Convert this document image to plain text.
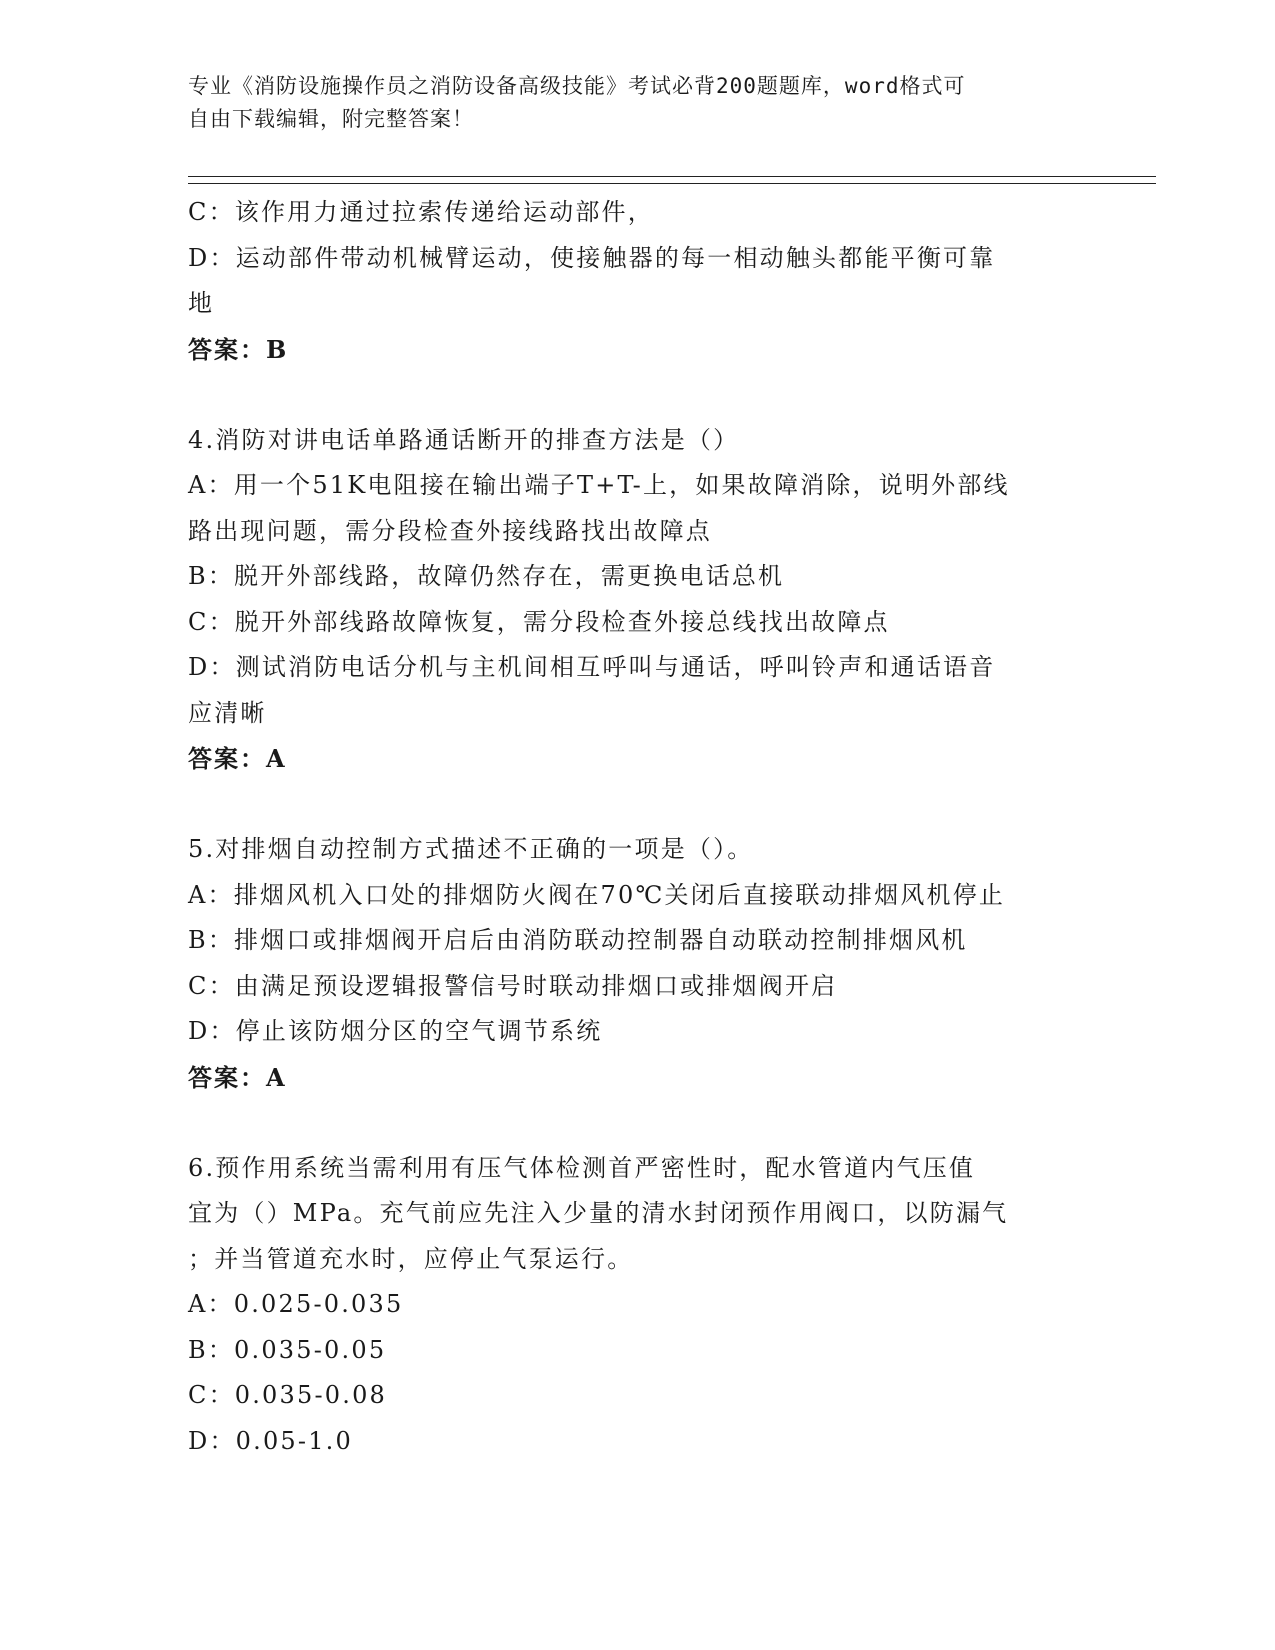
专业《消防设施操作员之消防设备高级技能》考试必背200题题库，word格式可
自由下载编辑，附完整答案！
C：该作用力通过拉索传递给运动部件，
D：运动部件带动机械臂运动，使接触器的每一相动触头都能平衡可靠
地
答案：B
4.消防对讲电话单路通话断开的排查方法是（）
A：用一个51K电阻接在输出端子T+T-上，如果故障消除，说明外部线
路出现问题，需分段检查外接线路找出故障点
B：脱开外部线路，故障仍然存在，需更换电话总机
C：脱开外部线路故障恢复，需分段检查外接总线找出故障点
D：测试消防电话分机与主机间相互呼叫与通话，呼叫铃声和通话语音
应清晰
答案：A
5.对排烟自动控制方式描述不正确的一项是（）。
A：排烟风机入口处的排烟防火阀在70℃关闭后直接联动排烟风机停止
B：排烟口或排烟阀开启后由消防联动控制器自动联动控制排烟风机
C：由满足预设逻辑报警信号时联动排烟口或排烟阀开启
D：停止该防烟分区的空气调节系统
答案：A
6.预作用系统当需利用有压气体检测首严密性时，配水管道内气压值
宜为（）MPa。充气前应先注入少量的清水封闭预作用阀口，以防漏气
；并当管道充水时，应停止气泵运行。
A：0.025-0.035
B：0.035-0.05
C：0.035-0.08
D：0.05-1.0
